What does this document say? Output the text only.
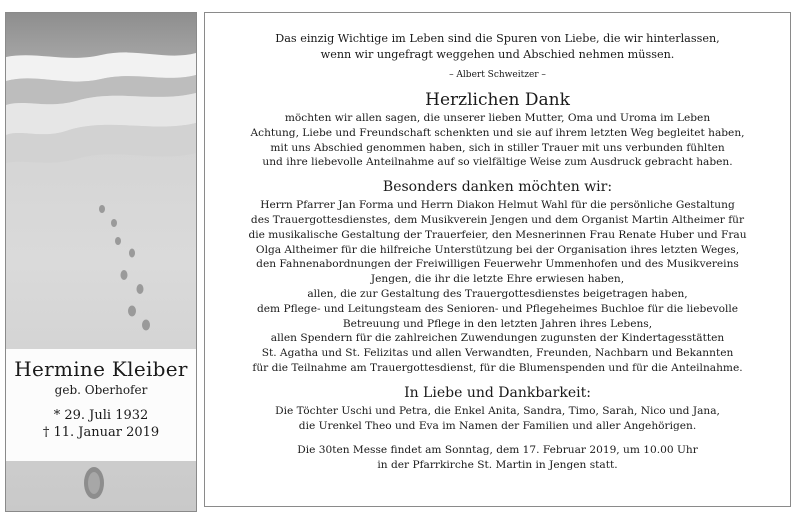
Hermine Kleiber
geb. Oberhofer
* 29. Juli 1932
† 11. Januar 2019
Das einzig Wichtige im Leben sind die Spuren von Liebe, die wir hinterlassen,
wenn wir ungefragt weggehen und Abschied nehmen müssen.
– Albert Schweitzer –
Herzlichen Dank
möchten wir allen sagen, die unserer lieben Mutter, Oma und Uroma im Leben
Achtung, Liebe und Freundschaft schenkten und sie auf ihrem letzten Weg begleitet haben,
mit uns Abschied genommen haben, sich in stiller Trauer mit uns verbunden fühlten
und ihre liebevolle Anteilnahme auf so vielfältige Weise zum Ausdruck gebracht haben.
Besonders danken möchten wir:
Herrn Pfarrer Jan Forma und Herrn Diakon Helmut Wahl für die persönliche Gestaltung
des Trauergottesdienstes, dem Musikverein Jengen und dem Organist Martin Altheimer für
die musikalische Gestaltung der Trauerfeier, den Mesnerinnen Frau Renate Huber und Frau
Olga Altheimer für die hilfreiche Unterstützung bei der Organisation ihres letzten Weges,
den Fahnenabordnungen der Freiwilligen Feuerwehr Ummenhofen und des Musikvereins
Jengen, die ihr die letzte Ehre erwiesen haben,
allen, die zur Gestaltung des Trauergottesdienstes beigetragen haben,
dem Pflege- und Leitungsteam des Senioren- und Pflegeheimes Buchloe für die liebevolle
Betreuung und Pflege in den letzten Jahren ihres Lebens,
allen Spendern für die zahlreichen Zuwendungen zugunsten der Kindertagesstätten
St. Agatha und St. Felizitas und allen Verwandten, Freunden, Nachbarn und Bekannten
für die Teilnahme am Trauergottesdienst, für die Blumenspenden und für die Anteilnahme.
In Liebe und Dankbarkeit:
Die Töchter Uschi und Petra, die Enkel Anita, Sandra, Timo, Sarah, Nico und Jana,
die Urenkel Theo und Eva im Namen der Familien und aller Angehörigen.
Die 30ten Messe findet am Sonntag, dem 17. Februar 2019, um 10.00 Uhr
in der Pfarrkirche St. Martin in Jengen statt.
